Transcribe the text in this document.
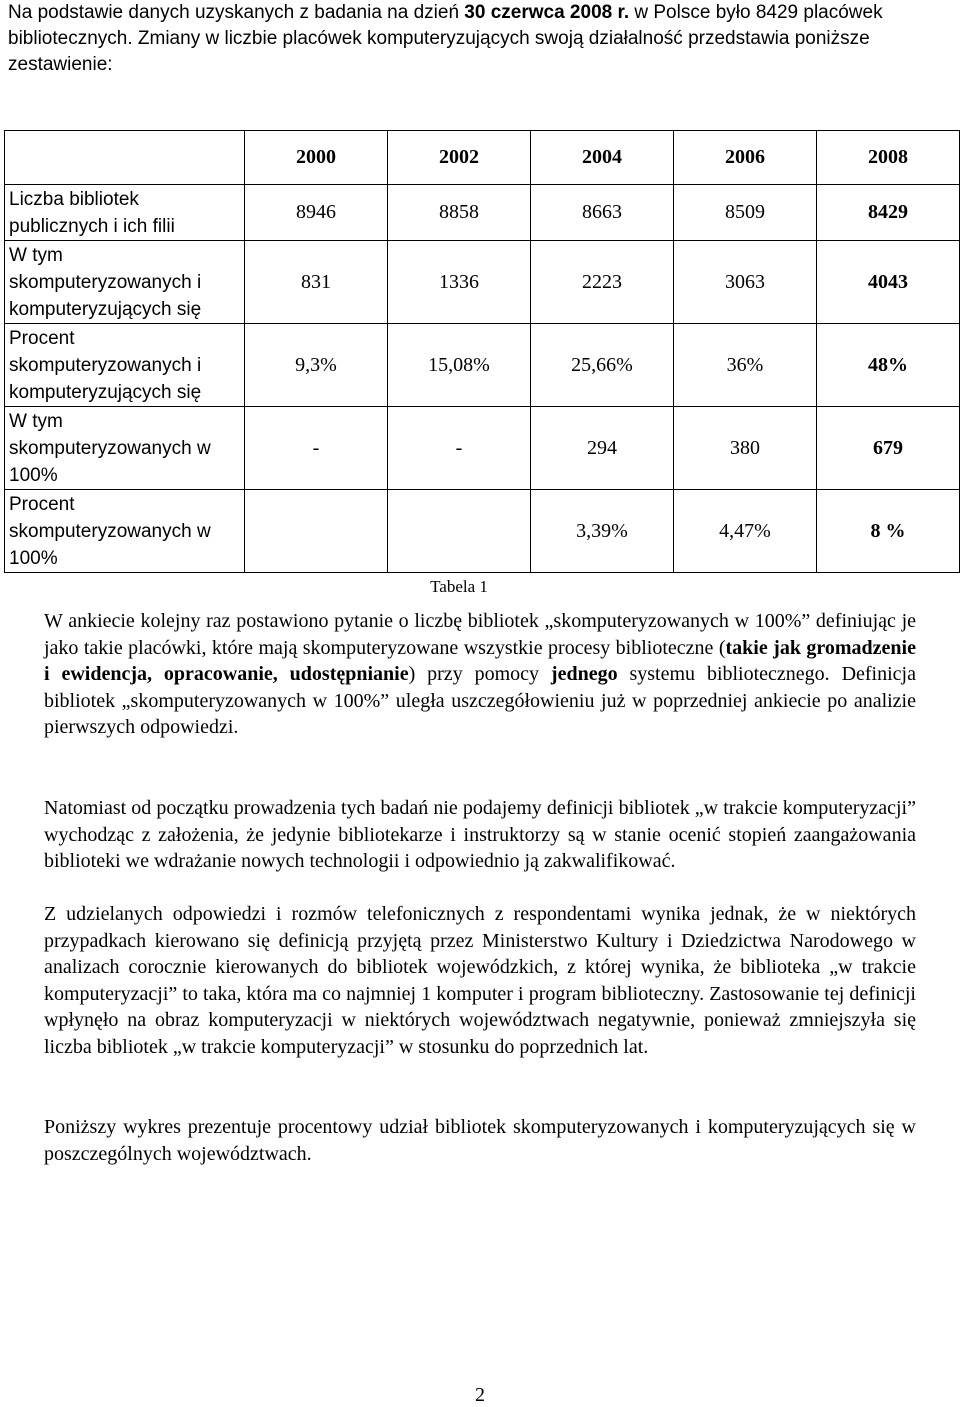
Na podstawie danych uzyskanych z badania na dzień 30 czerwca 2008 r. w Polsce było 8429 placówek bibliotecznych. Zmiany w liczbie placówek komputeryzujących swoją działalność przedstawia poniższe zestawienie:

	2000	2002	2004	2006	2008
Liczba bibliotek publicznych i ich filii	8946	8858	8663	8509	8429
W tym skomputeryzowanych i komputeryzujących się	831	1336	2223	3063	4043
Procent skomputeryzowanych i komputeryzujących się	9,3%	15,08%	25,66%	36%	48%
W tym skomputeryzowanych w 100%	-	-	294	380	679
Procent skomputeryzowanych w 100%			3,39%	4,47%	8 %
	Tabela 1				

W ankiecie kolejny raz postawiono pytanie o liczbę bibliotek „skomputeryzowanych w 100%” definiując je jako takie placówki, które mają skomputeryzowane wszystkie procesy biblioteczne (takie jak gromadzenie i ewidencja, opracowanie, udostępnianie) przy pomocy jednego systemu bibliotecznego. Definicja bibliotek „skomputeryzowanych w 100%” uległa uszczegółowieniu już w poprzedniej ankiecie po analizie pierwszych odpowiedzi.

Natomiast od początku prowadzenia tych badań nie podajemy definicji bibliotek „w trakcie komputeryzacji” wychodząc z założenia, że jedynie bibliotekarze i instruktorzy są w stanie ocenić stopień zaangażowania biblioteki we wdrażanie nowych technologii i odpowiednio ją zakwalifikować.

Z udzielanych odpowiedzi i rozmów telefonicznych z respondentami wynika jednak, że w niektórych przypadkach kierowano się definicją przyjętą przez Ministerstwo Kultury i Dziedzictwa Narodowego w analizach corocznie kierowanych do bibliotek wojewódzkich, z której wynika, że biblioteka „w trakcie komputeryzacji” to taka, która ma co najmniej 1 komputer i program biblioteczny. Zastosowanie tej definicji wpłynęło na obraz komputeryzacji w niektórych województwach negatywnie, ponieważ zmniejszyła się liczba bibliotek „w trakcie komputeryzacji” w stosunku do poprzednich lat.

Poniższy wykres prezentuje procentowy udział bibliotek skomputeryzowanych i komputeryzujących się w poszczególnych województwach.

2
